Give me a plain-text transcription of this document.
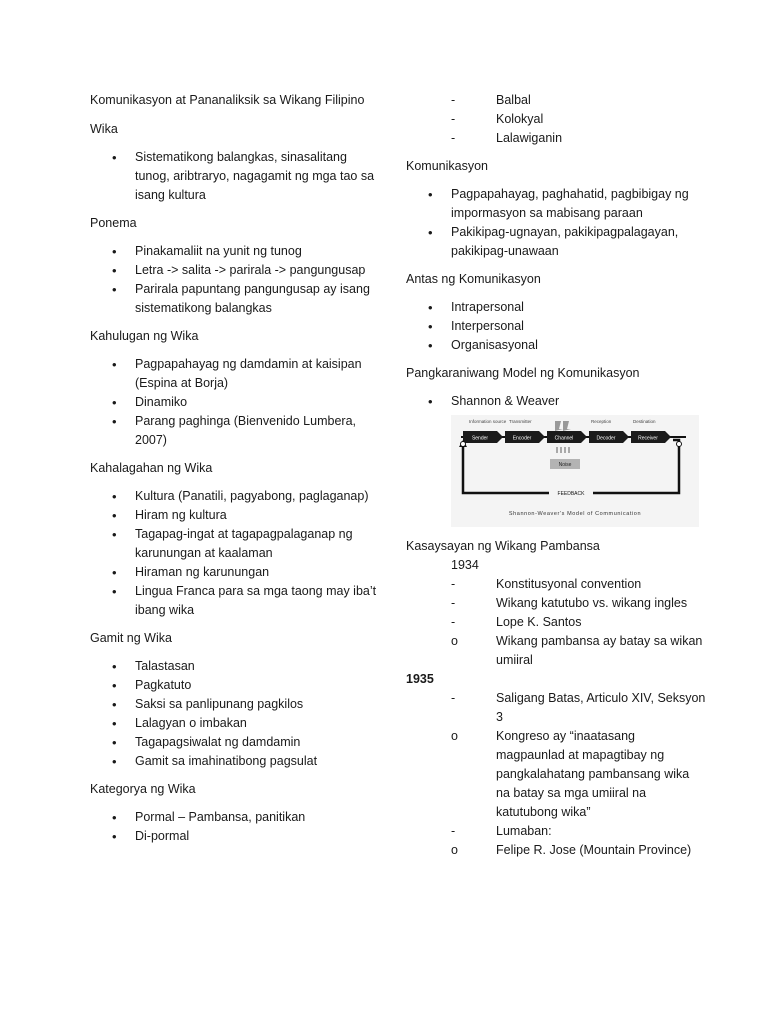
Komunikasyon at Pananaliksik sa Wikang Filipino
Wika
• Sistematikong balangkas, sinasalitang tunog, aribtraryo, nagagamit ng mga tao sa isang kultura
Ponema
• Pinakamaliit na yunit ng tunog
• Letra -> salita -> parirala -> pangungusap
• Parirala papuntang pangungusap ay isang sistematikong balangkas
Kahulugan ng Wika
• Pagpapahayag ng damdamin at kaisipan (Espina at Borja)
• Dinamiko
• Parang paghinga (Bienvenido Lumbera, 2007)
Kahalagahan ng Wika
• Kultura (Panatili, pagyabong, paglaganap)
• Hiram ng kultura
• Tagapag-ingat at tagapagpalaganap ng karunungan at kaalaman
• Hiraman ng karunungan
• Lingua Franca para sa mga taong may iba’t ibang wika
Gamit ng Wika
• Talastasan
• Pagkatuto
• Saksi sa panlipunang pagkilos
• Lalagyan o imbakan
• Tagapagsiwalat ng damdamin
• Gamit sa imahinatibong pagsulat
Kategorya ng Wika
• Pormal – Pambansa, panitikan
• Di-pormal
-	Balbal
-	Kolokyal
-	Lalawiganin
Komunikasyon
• Pagpapahayag, paghahatid, pagbibigay ng impormasyon sa mabisang paraan
• Pakikipag-ugnayan, pakikipagpalagayan, pakikipag-unawaan
Antas ng Komunikasyon
• Intrapersonal
• Interpersonal
• Organisasyonal
Pangkaraniwang Model ng Komunikasyon
• Shannon & Weaver
Information source Transmitter	Reception	Destination
Sender	Encoder	Channel	Decoder	Receiver
Noise
FEEDBACK
Shannon-Weaver's Model of Communication
Kasaysayan ng Wikang Pambansa
1934
-	Konstitusyonal convention
-	Wikang katutubo vs. wikang ingles
-	Lope K. Santos
o	Wikang pambansa ay batay sa wikan umiiral
1935
-	Saligang Batas, Articulo XIV, Seksyon 3
o	Kongreso ay “inaatasang magpaunlad at mapagtibay ng pangkalahatang pambansang wika na batay sa mga umiiral na katutubong wika”
-	Lumaban:
o	Felipe R. Jose (Mountain Province)
